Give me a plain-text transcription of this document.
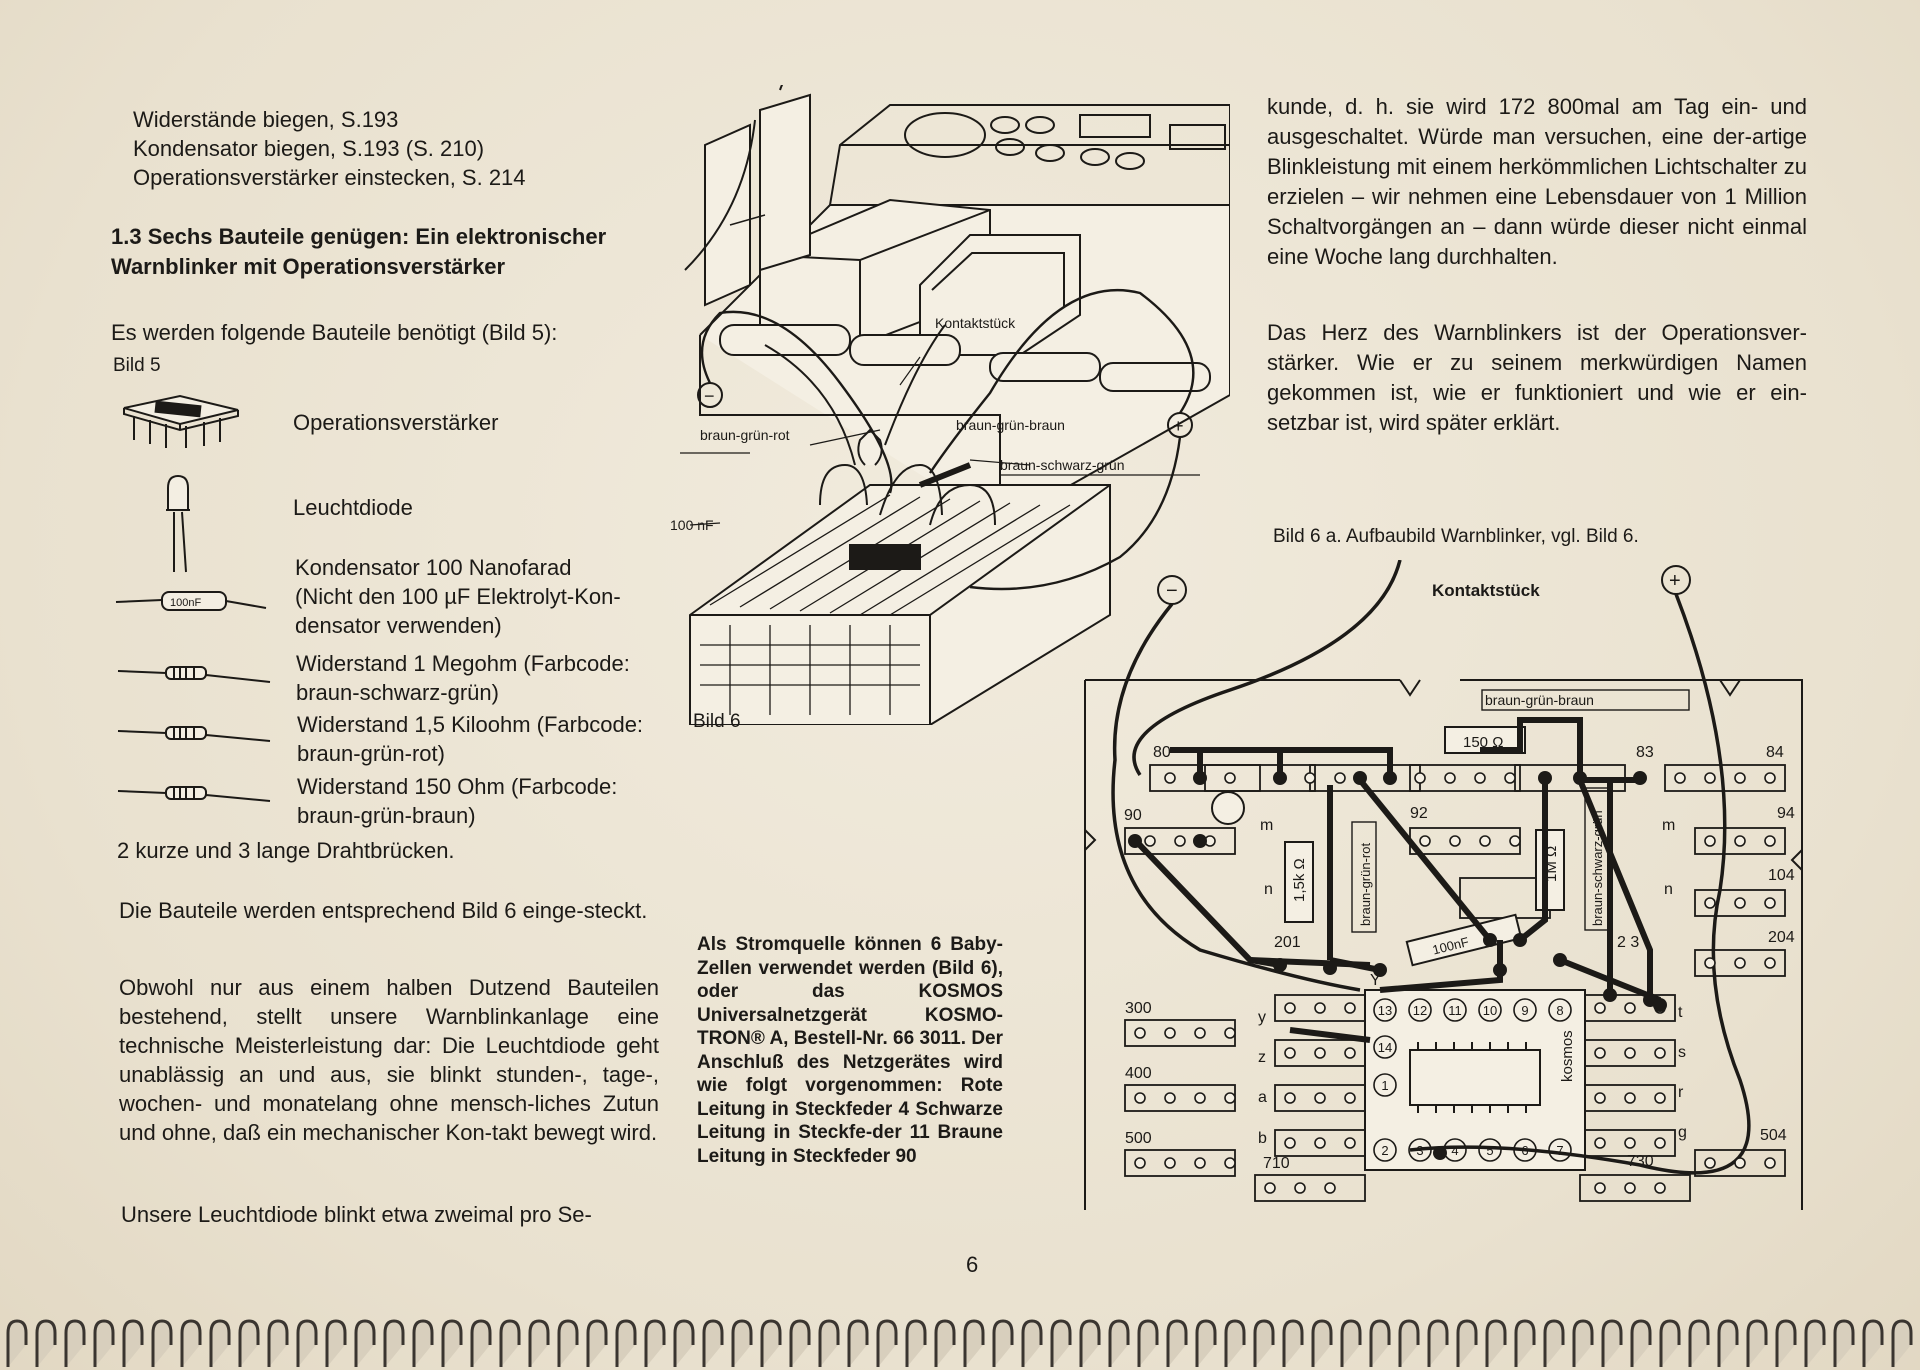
Widerstände biegen, S.193
Kondensator biegen, S.193 (S. 210)
Operationsverstärker einstecken, S. 214
1.3 Sechs Bauteile genügen: Ein elektronischer
Warnblinker mit Operationsverstärker
Es werden folgende Bauteile benötigt (Bild 5):
Bild 5
100nF
Operationsverstärker
Leuchtdiode
Kondensator 100 Nanofarad
(Nicht den 100 µF Elektrolyt-Kon-
densator verwenden)
Widerstand 1 Megohm (Farbcode:
braun-schwarz-grün)
Widerstand 1,5 Kiloohm (Farbcode:
braun-grün-rot)
Widerstand 150 Ohm (Farbcode:
braun-grün-braun)
2 kurze und 3 lange Drahtbrücken.
Die Bauteile werden entsprechend Bild 6 einge-steckt.
Obwohl nur aus einem halben Dutzend Bauteilen bestehend, stellt unsere Warnblinkanlage eine technische Meisterleistung dar: Die Leuchtdiode geht unablässig an und aus, sie blinkt stunden-, tage-, wochen- und monatelang ohne mensch-liches Zutun und ohne, daß ein mechanischer Kon-takt bewegt wird.
Unsere Leuchtdiode blinkt etwa zweimal pro Se-
braun-grün-rot
100 nF
Kontaktstück
braun-grün-braun
braun-schwarz-grün
−
+
Bild 6
Als Stromquelle können 6 Baby-Zellen verwendet werden (Bild 6), oder das KOSMOS Universalnetzgerät KOSMO-TRON® A, Bestell-Nr. 66 3011. Der Anschluß des Netzgerätes wird wie folgt vorgenommen: Rote Leitung in Steckfeder 4 Schwarze Leitung in Steckfe-der 11 Braune Leitung in Steckfeder 90
kunde, d. h. sie wird 172 800mal am Tag ein- und ausgeschaltet. Würde man versuchen, eine der-artige Blinkleistung mit einem herkömmlichen Lichtschalter zu erzielen – wir nehmen eine Lebensdauer von 1 Million Schaltvorgängen an – dann würde dieser nicht einmal eine Woche lang durchhalten.
Das Herz des Warnblinkers ist der Operationsver-stärker. Wie er zu seinem merkwürdigen Namen gekommen ist, wie er funktioniert und wie er ein-setzbar ist, wird später erklärt.
Bild 6 a. Aufbaubild Warnblinker, vgl. Bild 6.
Kontaktstück
−	+
braun-grün-braun
150 Ω
1,5k Ω	1M Ω
braun-grün-rot	braun-schwarz-grün
100nF
kosmos
80	83	84
90	92	94
104
201	2 3	204
300
400
500	504
710	730
m
n
m
n
y
z
a
b
t
s
r
g
Y
13 12 11 10 9 8
2 3 4 5 6 7
14
1
6
